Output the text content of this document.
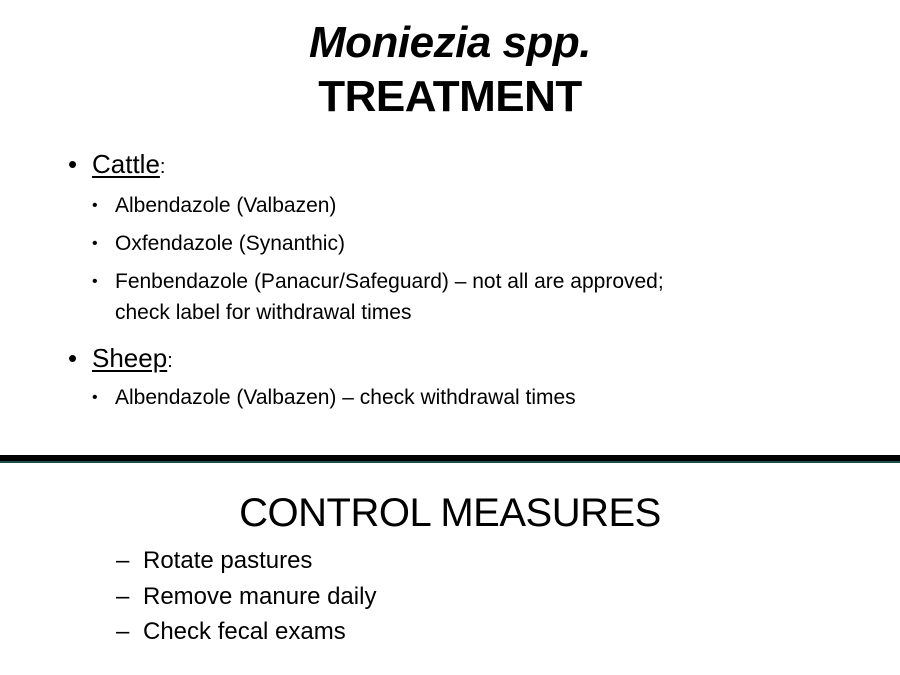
Moniezia spp.
TREATMENT
• Cattle:
• Albendazole (Valbazen)
• Oxfendazole (Synanthic)
• Fenbendazole (Panacur/Safeguard) – not all are approved;
check label for withdrawal times
• Sheep:
• Albendazole (Valbazen) – check withdrawal times
CONTROL MEASURES
– Rotate pastures
– Remove manure daily
– Check fecal exams
